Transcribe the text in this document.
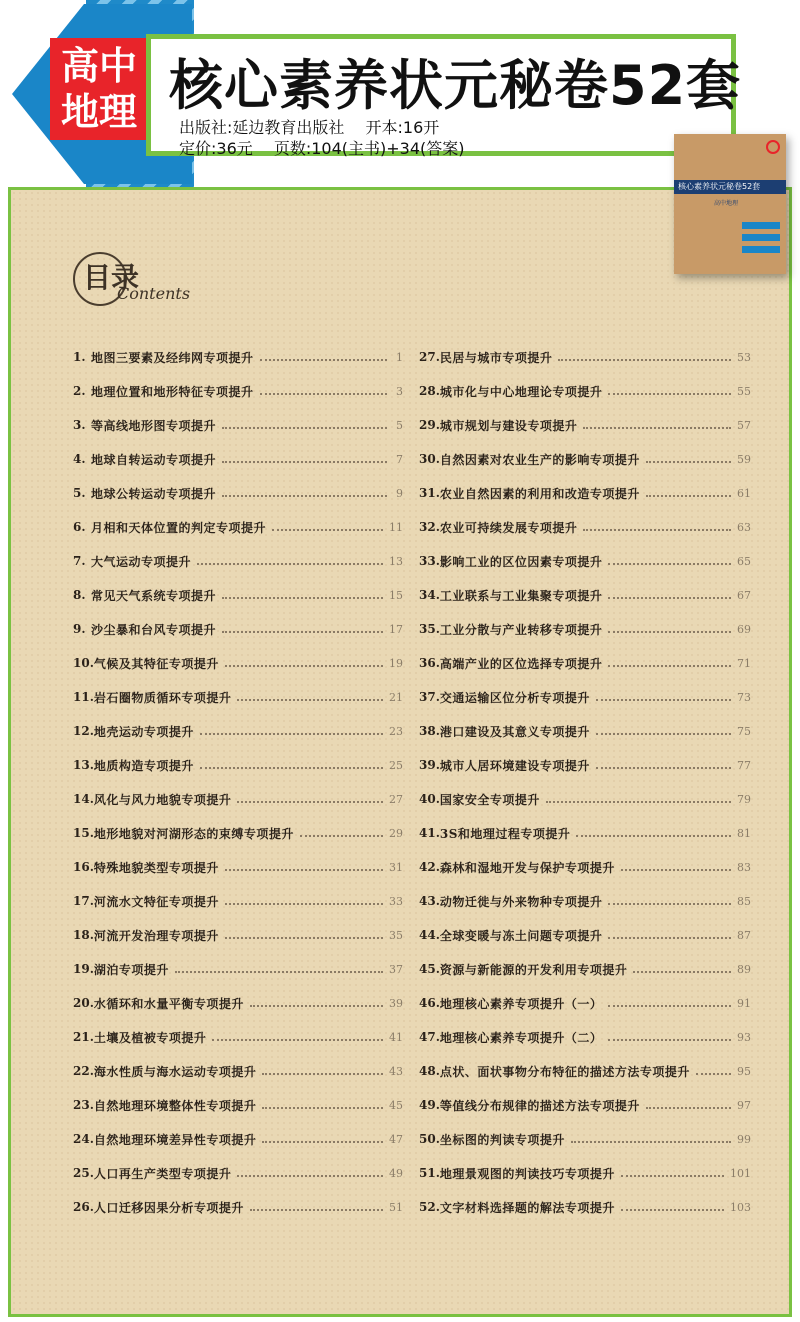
高中
地理 核心素养状元秘卷52套
出版社:延边教育出版社 开本:16开
定价:36元 页数:104(主书)+34(答案)
目录
Contents
1. 地图三要素及经纬网专项提升	1
2. 地理位置和地形特征专项提升	3
3. 等高线地形图专项提升	5
4. 地球自转运动专项提升	7
5. 地球公转运动专项提升	9
6. 月相和天体位置的判定专项提升	11
7. 大气运动专项提升	13
8. 常见天气系统专项提升	15
9. 沙尘暴和台风专项提升	17
10. 气候及其特征专项提升	19
11. 岩石圈物质循环专项提升	21
12. 地壳运动专项提升	23
13. 地质构造专项提升	25
14. 风化与风力地貌专项提升	27
15. 地形地貌对河湖形态的束缚专项提升	29
16. 特殊地貌类型专项提升	31
17. 河流水文特征专项提升	33
18. 河流开发治理专项提升	35
19. 湖泊专项提升	37
20. 水循环和水量平衡专项提升	39
21. 土壤及植被专项提升	41
22. 海水性质与海水运动专项提升	43
23. 自然地理环境整体性专项提升	45
24. 自然地理环境差异性专项提升	47
25. 人口再生产类型专项提升	49
26. 人口迁移因果分析专项提升	51
27. 民居与城市专项提升	53
28. 城市化与中心地理论专项提升	55
29. 城市规划与建设专项提升	57
30. 自然因素对农业生产的影响专项提升	59
31. 农业自然因素的利用和改造专项提升	61
32. 农业可持续发展专项提升	63
33. 影响工业的区位因素专项提升	65
34. 工业联系与工业集聚专项提升	67
35. 工业分散与产业转移专项提升	69
36. 高端产业的区位选择专项提升	71
37. 交通运输区位分析专项提升	73
38. 港口建设及其意义专项提升	75
39. 城市人居环境建设专项提升	77
40. 国家安全专项提升	79
41. 3S和地理过程专项提升	81
42. 森林和湿地开发与保护专项提升	83
43. 动物迁徙与外来物种专项提升	85
44. 全球变暖与冻土问题专项提升	87
45. 资源与新能源的开发利用专项提升	89
46. 地理核心素养专项提升（一）	91
47. 地理核心素养专项提升（二）	93
48. 点状、面状事物分布特征的描述方法专项提升	95
49. 等值线分布规律的描述方法专项提升	97
50. 坐标图的判读专项提升	99
51. 地理景观图的判读技巧专项提升	101
52. 文字材料选择题的解法专项提升	103
核心素养状元秘卷52套
高中地理
